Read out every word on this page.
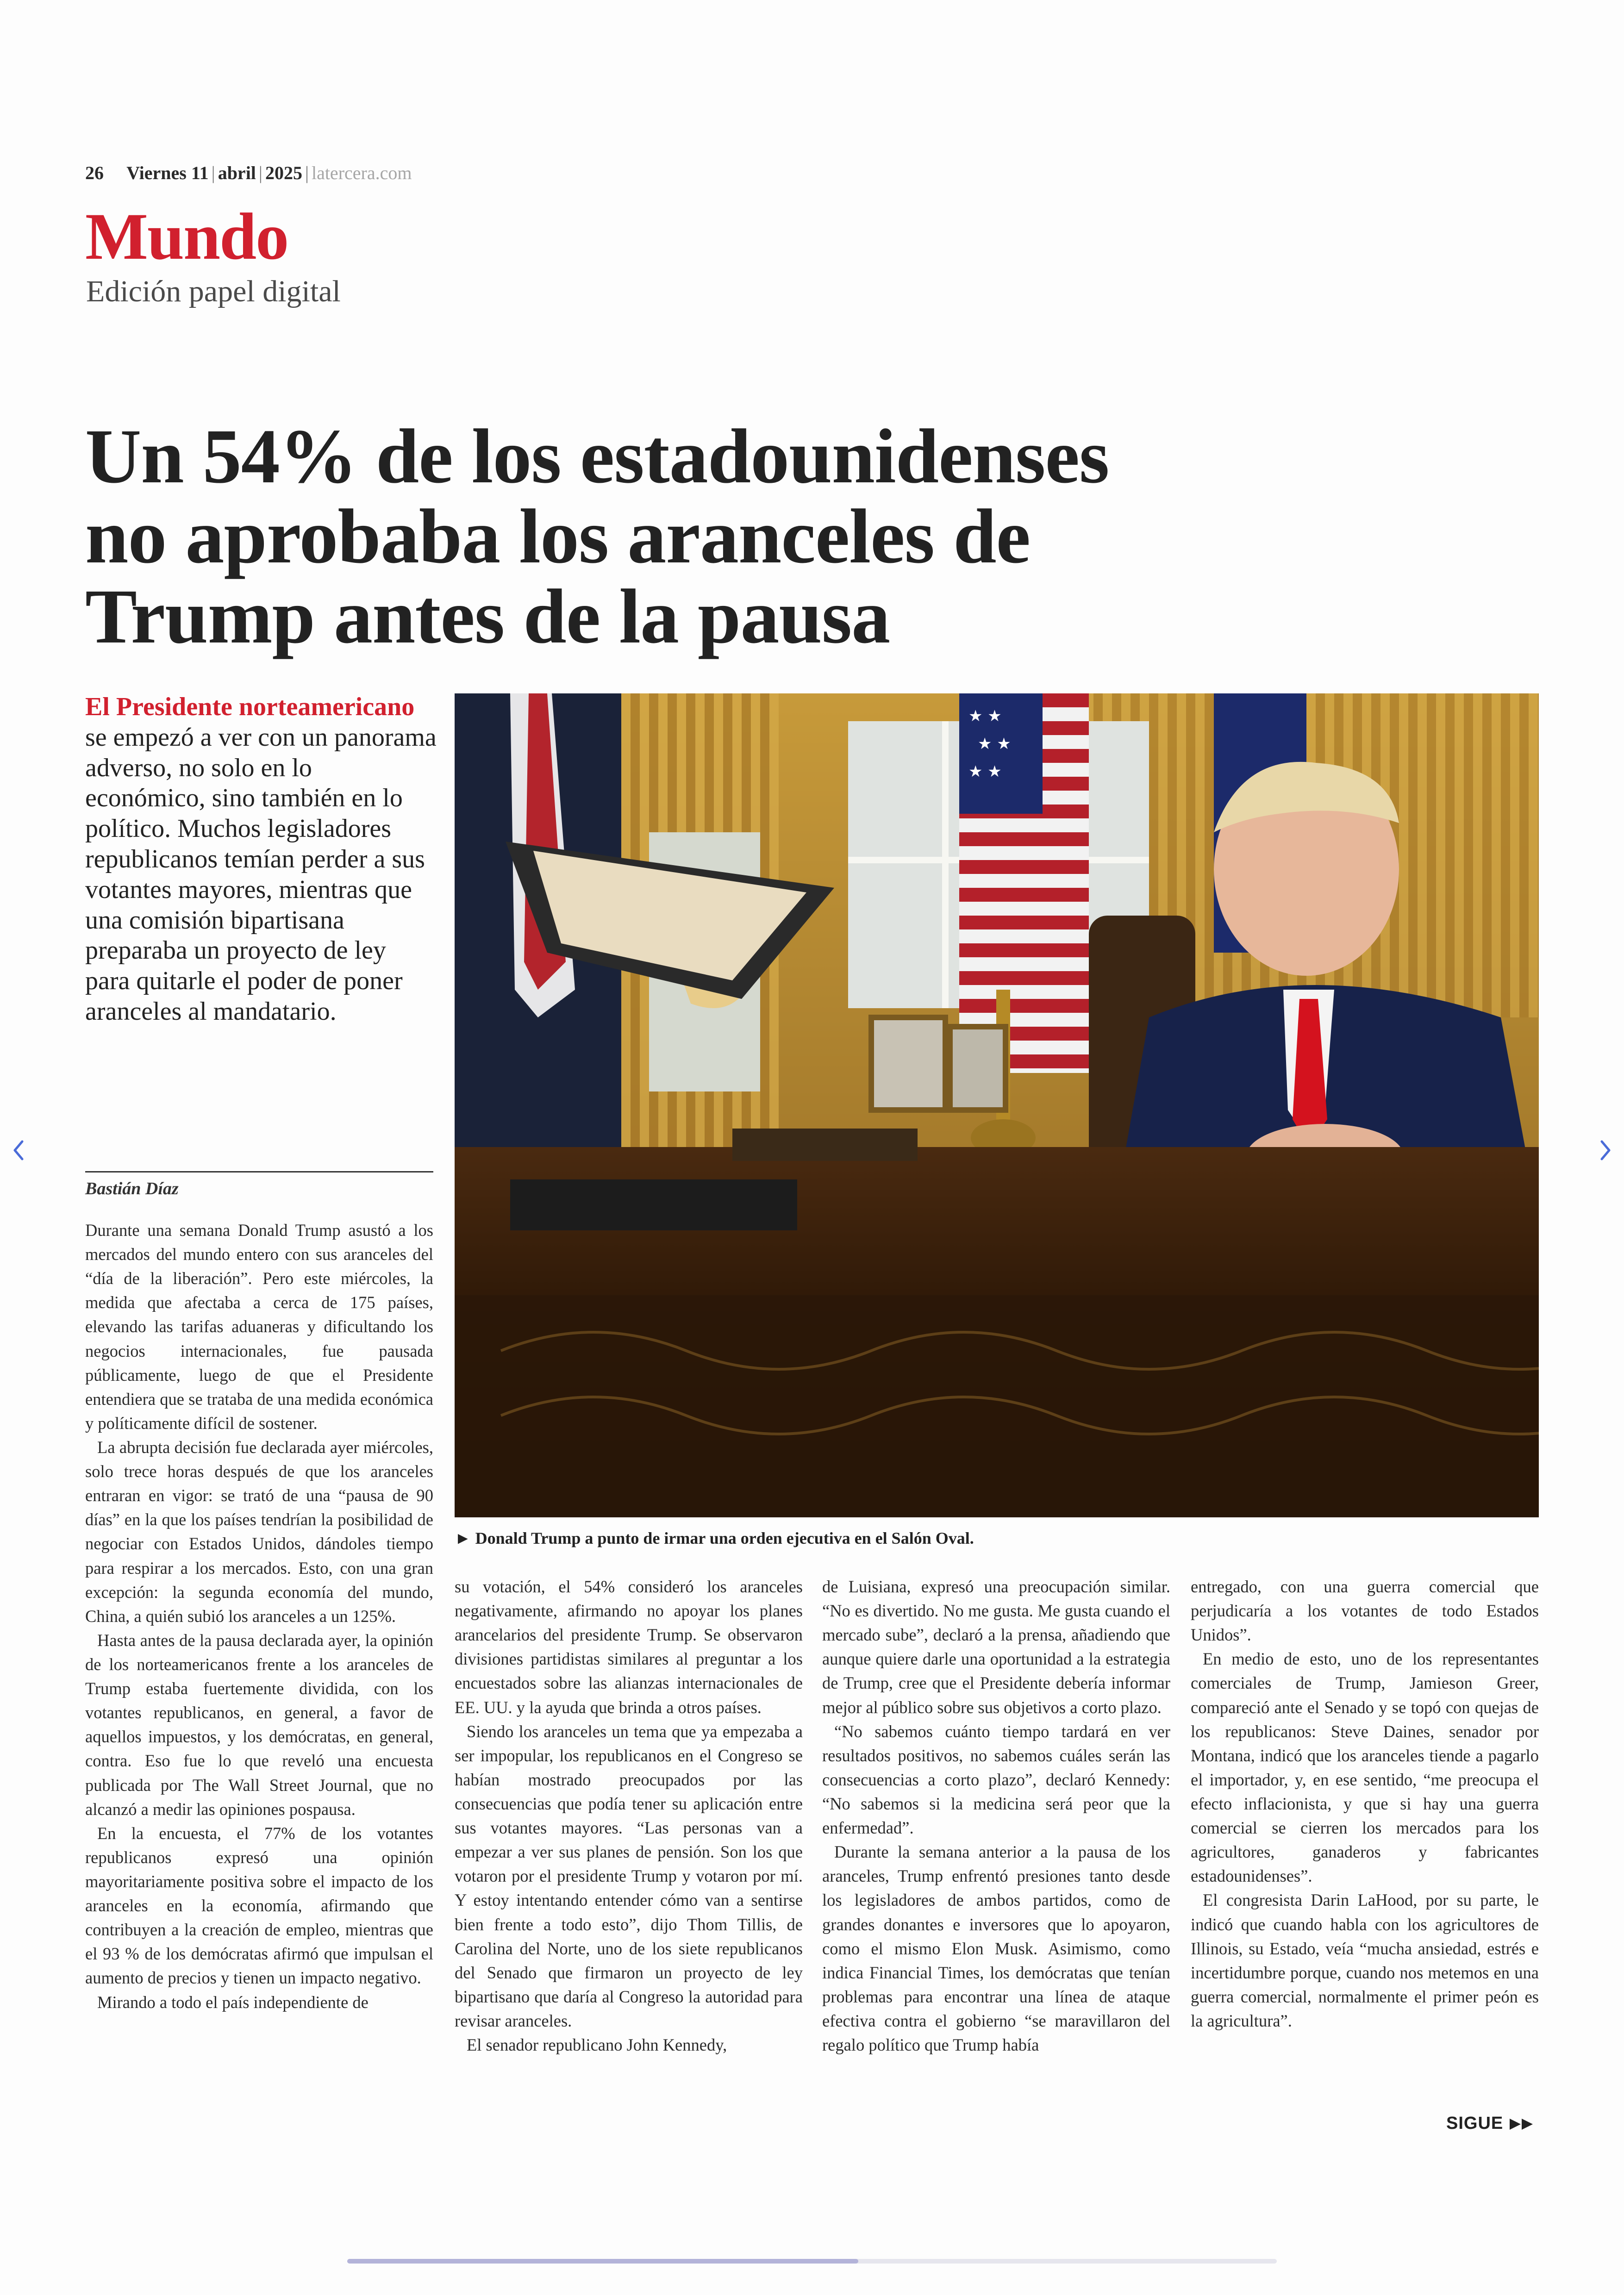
26 Viernes 11 | abril | 2025 | latercera.com
Mundo
Edición papel digital
Un 54% de los estadounidenses no aprobaba los aranceles de Trump antes de la pausa
El Presidente norteamericano se empezó a ver con un panorama adverso, no solo en lo económico, sino también en lo político. Muchos legisladores republicanos temían perder a sus votantes mayores, mientras que una comisión bipartisana preparaba un proyecto de ley para quitarle el poder de poner aranceles al mandatario.
Bastián Díaz
★ ★
★ ★
★ ★
► Donald Trump a punto de irmar una orden ejecutiva en el Salón Oval.

Durante una semana Donald Trump asustó a los mercados del mundo entero con sus aranceles del “día de la liberación”. Pero este miércoles, la medida que afectaba a cerca de 175 países, elevando las tarifas aduaneras y dificultando los negocios internacionales, fue pausada públicamente, luego de que el Presidente entendiera que se trataba de una medida económica y políticamente difícil de sostener.

La abrupta decisión fue declarada ayer miércoles, solo trece horas después de que los aranceles entraran en vigor: se trató de una “pausa de 90 días” en la que los países tendrían la posibilidad de negociar con Estados Unidos, dándoles tiempo para respirar a los mercados. Esto, con una gran excepción: la segunda economía del mundo, China, a quién subió los aranceles a un 125%.

Hasta antes de la pausa declarada ayer, la opinión de los norteamericanos frente a los aranceles de Trump estaba fuertemente dividida, con los votantes republicanos, en general, a favor de aquellos impuestos, y los demócratas, en general, contra. Eso fue lo que reveló una encuesta publicada por The Wall Street Journal, que no alcanzó a medir las opiniones pospausa.

En la encuesta, el 77% de los votantes republicanos expresó una opinión mayoritariamente positiva sobre el impacto de los aranceles en la economía, afirmando que contribuyen a la creación de empleo, mientras que el 93 % de los demócratas afirmó que impulsan el aumento de precios y tienen un impacto negativo.

Mirando a todo el país independiente de

su votación, el 54% consideró los aranceles negativamente, afirmando no apoyar los planes arancelarios del presidente Trump. Se observaron divisiones partidistas similares al preguntar a los encuestados sobre las alianzas internacionales de EE. UU. y la ayuda que brinda a otros países.

Siendo los aranceles un tema que ya empezaba a ser impopular, los republicanos en el Congreso se habían mostrado preocupados por las consecuencias que podía tener su aplicación entre sus votantes mayores. “Las personas van a empezar a ver sus planes de pensión. Son los que votaron por el presidente Trump y votaron por mí. Y estoy intentando entender cómo van a sentirse bien frente a todo esto”, dijo Thom Tillis, de Carolina del Norte, uno de los siete republicanos del Senado que firmaron un proyecto de ley bipartisano que daría al Congreso la autoridad para revisar aranceles.

El senador republicano John Kennedy,

de Luisiana, expresó una preocupación similar. “No es divertido. No me gusta. Me gusta cuando el mercado sube”, declaró a la prensa, añadiendo que aunque quiere darle una oportunidad a la estrategia de Trump, cree que el Presidente debería informar mejor al público sobre sus objetivos a corto plazo.

“No sabemos cuánto tiempo tardará en ver resultados positivos, no sabemos cuáles serán las consecuencias a corto plazo”, declaró Kennedy: “No sabemos si la medicina será peor que la enfermedad”.

Durante la semana anterior a la pausa de los aranceles, Trump enfrentó presiones tanto desde los legisladores de ambos partidos, como de grandes donantes e inversores que lo apoyaron, como el mismo Elon Musk. Asimismo, como indica Financial Times, los demócratas que tenían problemas para encontrar una línea de ataque efectiva contra el gobierno “se maravillaron del regalo político que Trump había

entregado, con una guerra comercial que perjudicaría a los votantes de todo Estados Unidos”.

En medio de esto, uno de los representantes comerciales de Trump, Jamieson Greer, compareció ante el Senado y se topó con quejas de los republicanos: Steve Daines, senador por Montana, indicó que los aranceles tiende a pagarlo el importador, y, en ese sentido, “me preocupa el efecto inflacionista, y que si hay una guerra comercial se cierren los mercados para los agricultores, ganaderos y fabricantes estadounidenses”.

El congresista Darin LaHood, por su parte, le indicó que cuando habla con los agricultores de Illinois, su Estado, veía “mucha ansiedad, estrés e incertidumbre porque, cuando nos metemos en una guerra comercial, normalmente el primer peón es la agricultura”.

SIGUE
